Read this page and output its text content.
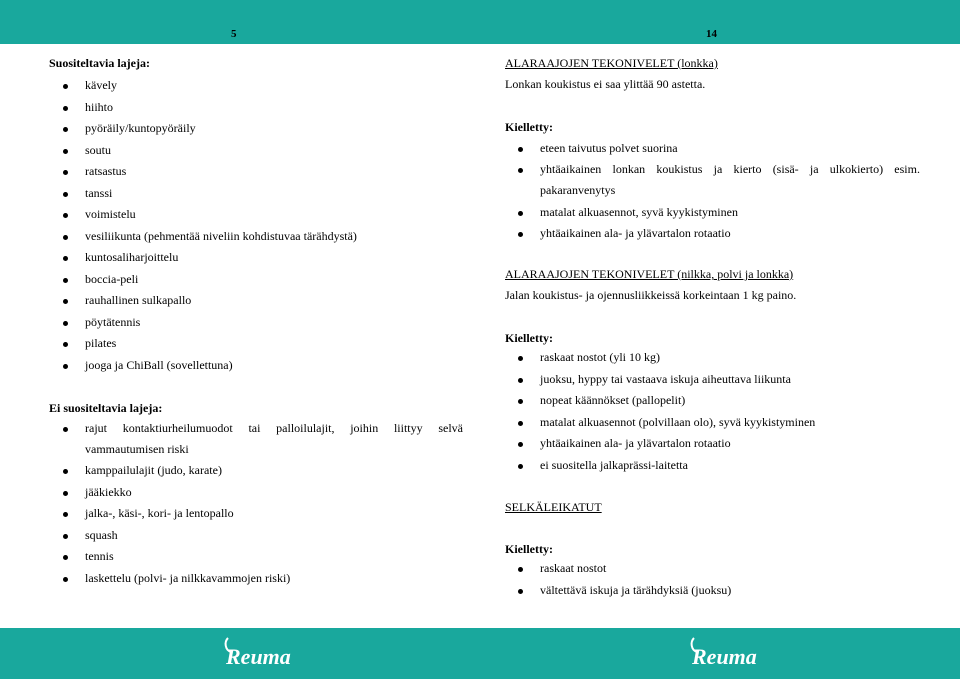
5	14
Suositeltavia lajeja:
kävely
hiihto
pyöräily/kuntopyöräily
soutu
ratsastus
tanssi
voimistelu
vesiliikunta (pehmentää niveliin kohdistuvaa tärähdystä)
kuntosaliharjoittelu
boccia-peli
rauhallinen sulkapallo
pöytätennis
pilates
jooga ja ChiBall (sovellettuna)
Ei suositeltavia lajeja:
rajut kontaktiurheilumuodot tai palloilulajit, joihin liittyy selvä
vammautumisen riski
kamppailulajit (judo, karate)
jääkiekko
jalka-, käsi-, kori- ja lentopallo
squash
tennis
laskettelu (polvi- ja nilkkavammojen riski)
ALARAAJOJEN TEKONIVELET (lonkka)
Lonkan koukistus ei saa ylittää 90 astetta.
Kielletty:
eteen taivutus polvet suorina
yhtäaikainen lonkan koukistus ja kierto (sisä- ja ulkokierto) esim.
pakaranvenytys
matalat alkuasennot, syvä kyykistyminen
yhtäaikainen ala- ja ylävartalon rotaatio
ALARAAJOJEN TEKONIVELET (nilkka, polvi ja lonkka)
Jalan koukistus- ja ojennusliikkeissä korkeintaan 1 kg paino.
Kielletty:
raskaat nostot (yli 10 kg)
juoksu, hyppy tai vastaava iskuja aiheuttava liikunta
nopeat käännökset (pallopelit)
matalat alkuasennot (polvillaan olo), syvä kyykistyminen
yhtäaikainen ala- ja ylävartalon rotaatio
ei suositella jalkaprässi-laitetta
SELKÄLEIKATUT
Kielletty:
raskaat nostot
vältettävä iskuja ja tärähdyksiä (juoksu)
Reuma	Reuma
